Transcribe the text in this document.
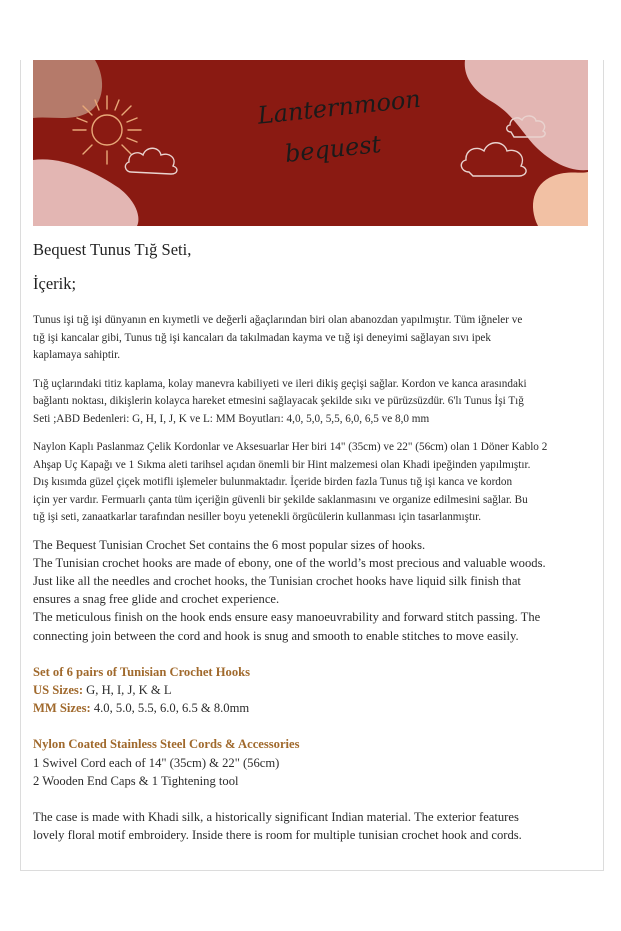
Lanternmoon
bequest
Bequest Tunus Tığ Seti,
İçerik;

Tunus işi tığ işi dünyanın en kıymetli ve değerli ağaçlarından biri olan abanozdan yapılmıştır. Tüm iğneler ve
tığ işi kancalar gibi, Tunus tığ işi kancaları da takılmadan kayma ve tığ işi deneyimi sağlayan sıvı ipek
kaplamaya sahiptir.

Tığ uçlarındaki titiz kaplama, kolay manevra kabiliyeti ve ileri dikiş geçişi sağlar. Kordon ve kanca arasındaki
bağlantı noktası, dikişlerin kolayca hareket etmesini sağlayacak şekilde sıkı ve pürüzsüzdür. 6'lı Tunus İşi Tığ
Seti ;ABD Bedenleri: G, H, I, J, K ve L: MM Boyutları: 4,0, 5,0, 5,5, 6,0, 6,5 ve 8,0 mm

Naylon Kaplı Paslanmaz Çelik Kordonlar ve Aksesuarlar Her biri 14" (35cm) ve 22" (56cm) olan 1 Döner Kablo 2
Ahşap Uç Kapağı ve 1 Sıkma aleti tarihsel açıdan önemli bir Hint malzemesi olan Khadi ipeğinden yapılmıştır.
Dış kısımda güzel çiçek motifli işlemeler bulunmaktadır. İçeride birden fazla Tunus tığ işi kanca ve kordon
için yer vardır. Fermuarlı çanta tüm içeriğin güvenli bir şekilde saklanmasını ve organize edilmesini sağlar. Bu
tığ işi seti, zanaatkarlar tarafından nesiller boyu yetenekli örgücülerin kullanması için tasarlanmıştır.

The Bequest Tunisian Crochet Set contains the 6 most popular sizes of hooks.
The Tunisian crochet hooks are made of ebony, one of the world’s most precious and valuable woods.
Just like all the needles and crochet hooks, the Tunisian crochet hooks have liquid silk finish that
ensures a snag free glide and crochet experience.
The meticulous finish on the hook ends ensure easy manoeuvrability and forward stitch passing. The
connecting join between the cord and hook is snug and smooth to enable stitches to move easily.

Set of 6 pairs of Tunisian Crochet Hooks
US Sizes: G, H, I, J, K & L
MM Sizes: 4.0, 5.0, 5.5, 6.0, 6.5 & 8.0mm

Nylon Coated Stainless Steel Cords & Accessories
1 Swivel Cord each of 14" (35cm) & 22" (56cm)
2 Wooden End Caps & 1 Tightening tool

The case is made with Khadi silk, a historically significant Indian material. The exterior features
lovely floral motif embroidery. Inside there is room for multiple tunisian crochet hook and cords.
